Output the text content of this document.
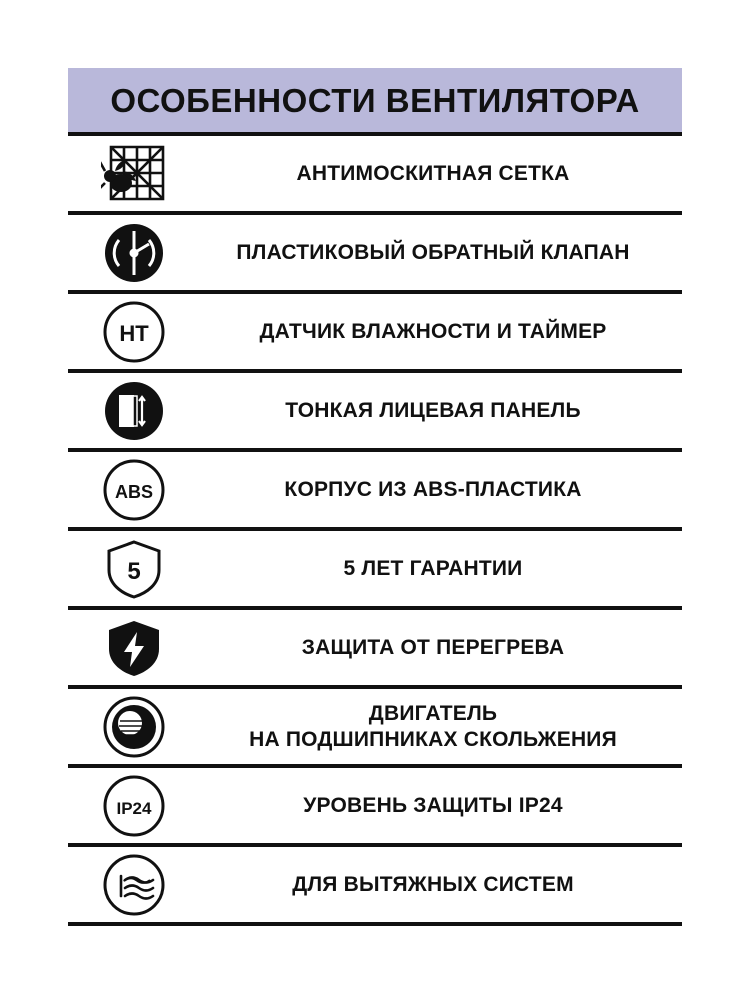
ОСОБЕННОСТИ ВЕНТИЛЯТОРА
АНТИМОСКИТНАЯ СЕТКА
ПЛАСТИКОВЫЙ ОБРАТНЫЙ КЛАПАН
HT	ДАТЧИК ВЛАЖНОСТИ И ТАЙМЕР
ТОНКАЯ ЛИЦЕВАЯ ПАНЕЛЬ
ABS	КОРПУС ИЗ ABS-ПЛАСТИКА
5	5 ЛЕТ ГАРАНТИИ
ЗАЩИТА ОТ ПЕРЕГРЕВА
ДВИГАТЕЛЬ
НА ПОДШИПНИКАХ СКОЛЬЖЕНИЯ
IP24	УРОВЕНЬ ЗАЩИТЫ IP24
ДЛЯ ВЫТЯЖНЫХ СИСТЕМ
